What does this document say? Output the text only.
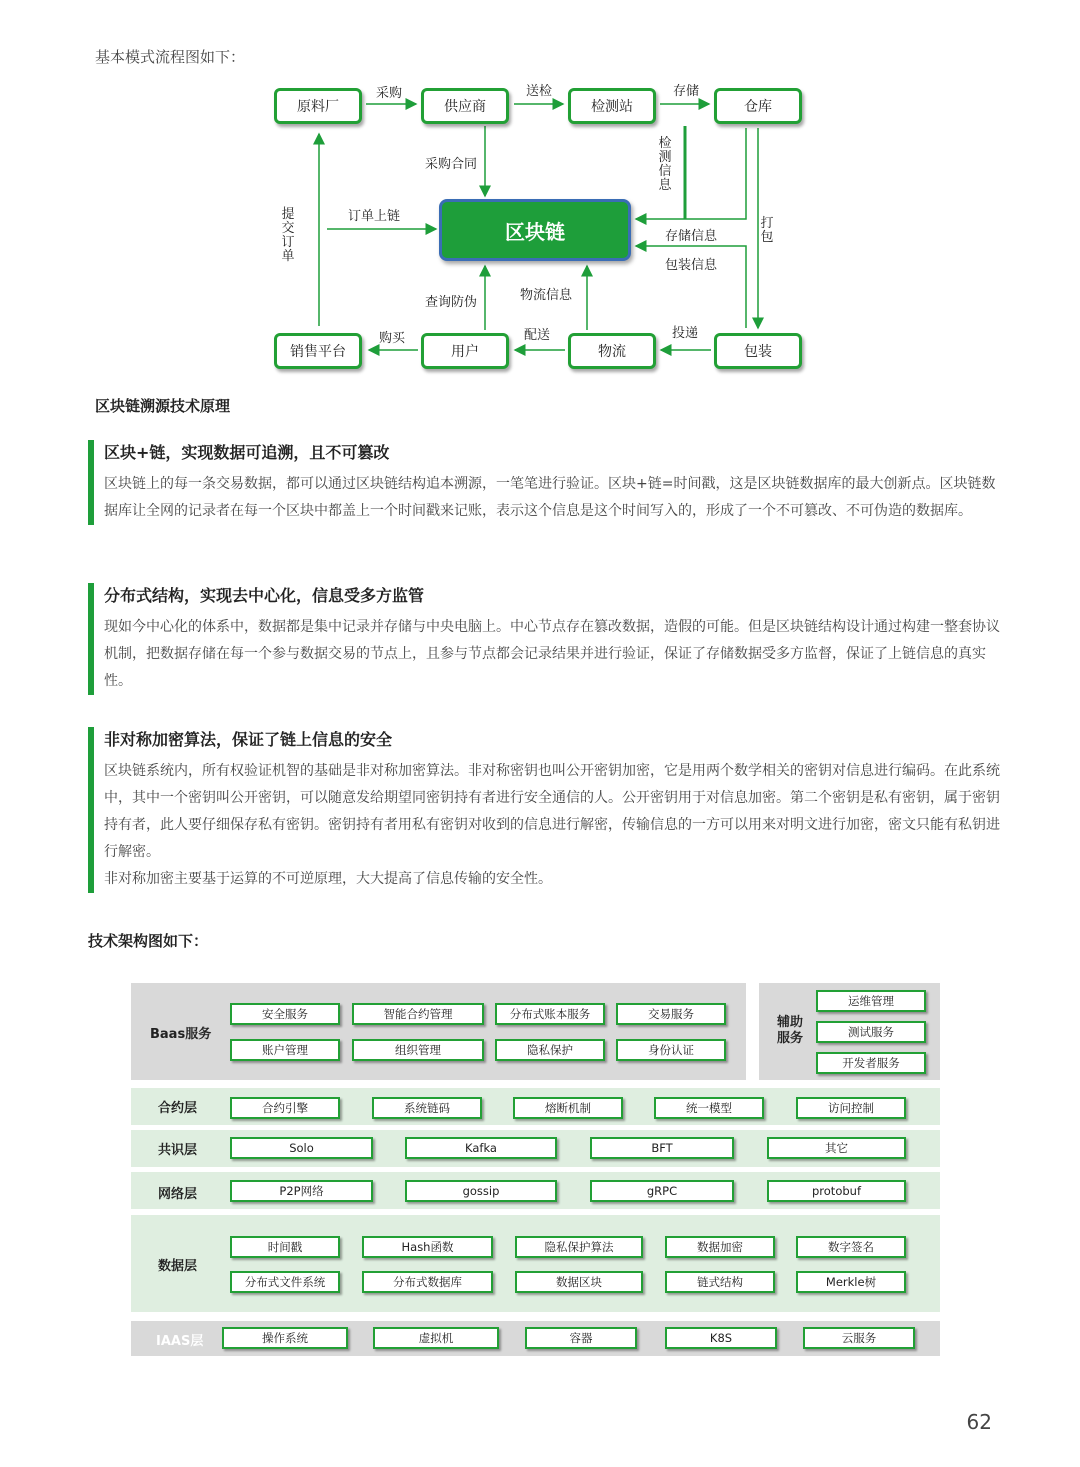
基本模式流程图如下：
原料厂	供应商	检测站	仓库
销售平台	用户	物流	包装
区块链
采购	送检	存储
采购合同
检测信息
订单上链
提交订单
存储信息
打包
包装信息
查询防伪	物流信息
购买	配送	投递
区块链溯源技术原理
区块+链，实现数据可追溯，且不可篡改
区块链上的每一条交易数据，都可以通过区块链结构追本溯源，一笔笔进行验证。区块+链=时间戳，这是区块链数据库的最大创新点。区块链数据库让全网的记录者在每一个区块中都盖上一个时间戳来记账，表示这个信息是这个时间写入的，形成了一个不可篡改、不可伪造的数据库。
分布式结构，实现去中心化，信息受多方监管
现如今中心化的体系中，数据都是集中记录并存储与中央电脑上。中心节点存在篡改数据，造假的可能。但是区块链结构设计通过构建一整套协议机制，把数据存储在每一个参与数据交易的节点上，且参与节点都会记录结果并进行验证，保证了存储数据受多方监督，保证了上链信息的真实性。
非对称加密算法，保证了链上信息的安全
区块链系统内，所有权验证机智的基础是非对称加密算法。非对称密钥也叫公开密钥加密，它是用两个数学相关的密钥对信息进行编码。在此系统中，其中一个密钥叫公开密钥，可以随意发给期望同密钥持有者进行安全通信的人。公开密钥用于对信息加密。第二个密钥是私有密钥，属于密钥持有者，此人要仔细保存私有密钥。密钥持有者用私有密钥对收到的信息进行解密，传输信息的一方可以用来对明文进行加密，密文只能有私钥进行解密。
非对称加密主要基于运算的不可逆原理，大大提高了信息传输的安全性。
技术架构图如下：
Baas服务
安全服务	智能合约管理	分布式账本服务	交易服务
账户管理	组织管理	隐私保护	身份认证
辅助
服务
运维管理
测试服务
开发者服务
合约层	合约引擎	系统链码	熔断机制	统一模型	访问控制
共识层	Solo	Kafka	BFT	其它
网络层	P2P网络	gossip	gRPC	protobuf
数据层
时间戳	Hash函数	隐私保护算法	数据加密	数字签名
分布式文件系统	分布式数据库	数据区块	链式结构	Merkle树
IAAS层	操作系统	虚拟机	容器	K8S	云服务
62
